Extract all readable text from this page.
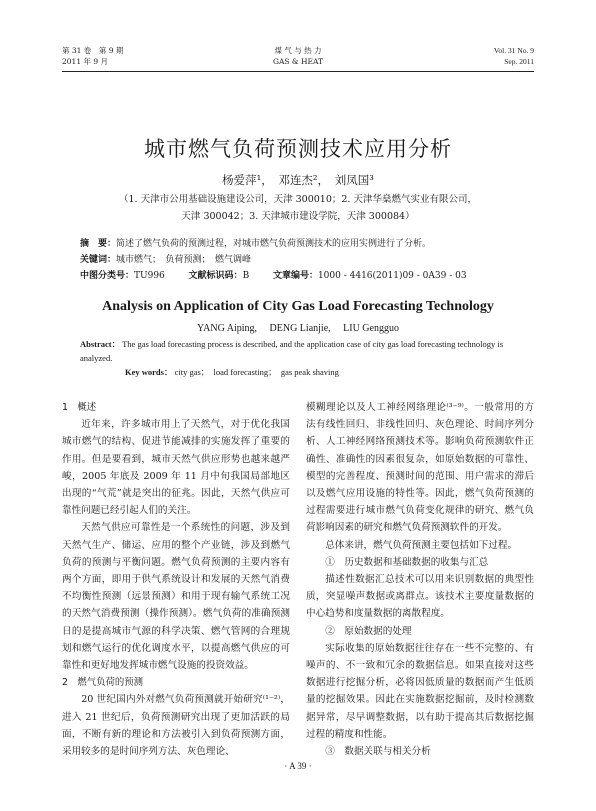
第 31 卷　第 9 期
2011 年 9 月
煤 气 与 热 力
GAS & HEAT
Vol. 31 No. 9
Sep. 2011
城市燃气负荷预测技术应用分析
杨爱萍¹，　邓连杰²，　刘凤国³
（1. 天津市公用基础设施建设公司，天津 300010；2. 天津华燊燃气实业有限公司，
天津 300042；3. 天津城市建设学院，天津 300084）
摘　要：简述了燃气负荷的预测过程，对城市燃气负荷预测技术的应用实例进行了分析。
关键词：城市燃气；　负荷预测；　燃气调峰
中图分类号：TU996	文献标识码：B	文章编号：1000 - 4416(2011)09 - 0A39 - 03
Analysis on Application of City Gas Load Forecasting Technology
YANG Aiping,　 DENG Lianjie,　 LIU Gengguo
Abstract： The gas load forecasting process is described, and the application case of city gas load forecasting technology is analyzed.
Key words： city gas；　load forecasting；　gas peak shaving

1　概述

近年来，许多城市用上了天然气，对于优化我国城市燃气的结构、促进节能减排的实施发挥了重要的作用。但是要看到，城市天然气供应形势也越来越严峻，2005 年底及 2009 年 11 月中旬我国局部地区出现的“气荒”就是突出的征兆。因此，天然气供应可靠性问题已经引起人们的关注。

天然气供应可靠性是一个系统性的问题，涉及到天然气生产、储运、应用的整个产业链，涉及到燃气负荷的预测与平衡问题。燃气负荷预测的主要内容有两个方面，即用于供气系统设计和发展的天然气消费不均衡性预测（远景预测）和用于现有输气系统工况的天然气消费预测（操作预测）。燃气负荷的准确预测日的是提高城市气源的科学决策、燃气管网的合理规划和燃气运行的优化调度水平，以提高燃气供应的可靠性和更好地发挥城市燃气设施的投资效益。

2　燃气负荷的预测

20 世纪国内外对燃气负荷预测就开始研究⁽¹⁻²⁾，进入 21 世纪后，负荷预测研究出现了更加活跃的局面，不断有新的理论和方法被引入到负荷预测方面，采用较多的是时间序列方法、灰色理论、

模糊理论以及人工神经网络理论⁽³⁻⁹⁾。一般常用的方法有线性回归、非线性回归、灰色理论、时间序列分析、人工神经网络预测技术等。影响负荷预测软件正确性、准确性的因素很复杂，如原始数据的可靠性、模型的完善程度、预测时间的范围、用户需求的滞后以及燃气应用设施的特性等。因此，燃气负荷预测的过程需要进行城市燃气负荷变化规律的研究、燃气负荷影响因素的研究和燃气负荷预测软件的开发。

总体来讲，燃气负荷预测主要包括如下过程。

①　历史数据和基础数据的收集与汇总

描述性数据汇总技术可以用来识别数据的典型性质，突显噪声数据或离群点。该技术主要度量数据的中心趋势和度量数据的离散程度。

②　原始数据的处理

实际收集的原始数据往往存在一些不完整的、有噪声的、不一致和冗余的数据信息。如果直接对这些数据进行挖掘分析，必将因低质量的数据而产生低质量的挖掘效果。因此在实施数据挖掘前，及时检测数据异常，尽早调整数据，以有助于提高其后数据挖掘过程的精度和性能。

③　数据关联与相关分析

· A 39 ·
